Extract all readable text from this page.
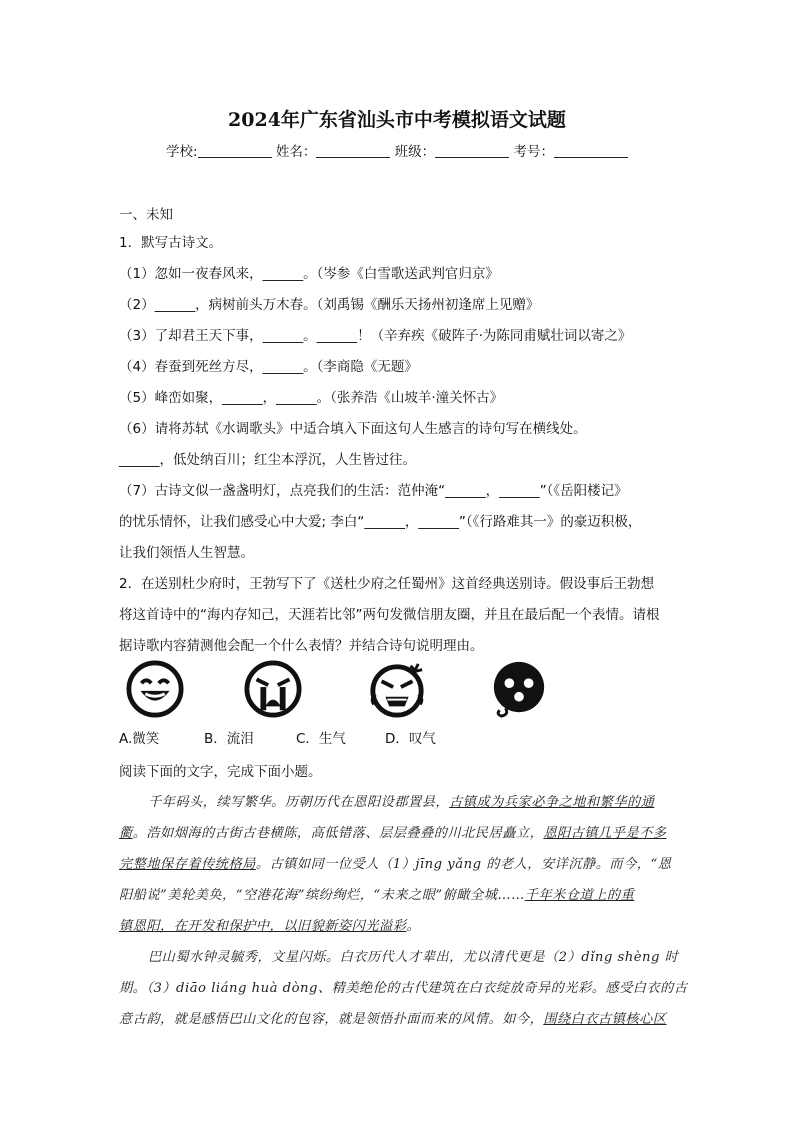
2024年广东省汕头市中考模拟语文试题
学校:	姓名：	班级：	考号：
一、未知
1．默写古诗文。
（1）忽如一夜春风来，______。（岑参《白雪歌送武判官归京》
（2）______，病树前头万木春。（刘禹锡《酬乐天扬州初逢席上见赠》
（3）了却君王天下事，______。______！（辛弃疾《破阵子·为陈同甫赋壮词以寄之》
（4）春蚕到死丝方尽，______。（李商隐《无题》
（5）峰峦如聚，______，______。（张养浩《山坡羊·潼关怀古》
（6）请将苏轼《水调歌头》中适合填入下面这句人生感言的诗句写在横线处。
______，低处纳百川；红尘本浮沉，人生皆过往。
（7）古诗文似一盏盏明灯，点亮我们的生活：范仲淹“______，______”（《岳阳楼记》
的忧乐情怀，让我们感受心中大爱; 李白“______，______”（《行路难其一》的豪迈积极，
让我们领悟人生智慧。
2．在送别杜少府时，王勃写下了《送杜少府之任蜀州》这首经典送别诗。假设事后王勃想
将这首诗中的“海内存知己，天涯若比邻”两句发微信朋友圈，并且在最后配一个表情。请根
据诗歌内容猜测他会配一个什么表情？并结合诗句说明理由。
A.微笑	B．流泪	C．生气	D．叹气
阅读下面的文字，完成下面小题。
千年码头，续写繁华。历朝历代在恩阳设郡置县，古镇成为兵家必争之地和繁华的通
衢。浩如烟海的古街古巷横陈，高低错落、层层叠叠的川北民居矗立，恩阳古镇几乎是不多
完整地保存着传统格局。古镇如同一位受人（1）jīng yǎng 的老人，安详沉静。而今，“恩
阳船说”美轮美奂，“空港花海”缤纷绚烂，“未来之眼”俯瞰全城……千年米仓道上的重
镇恩阳，在开发和保护中，以旧貌新姿闪光溢彩。
巴山蜀水钟灵毓秀，文星闪烁。白衣历代人才辈出，尤以清代更是（2）dǐng shèng 时
期。（3）diāo liáng huà dòng、精美绝伦的古代建筑在白衣绽放奇异的光彩。感受白衣的古
意古韵，就是感悟巴山文化的包容，就是领悟扑面而来的风情。如今，围绕白衣古镇核心区
